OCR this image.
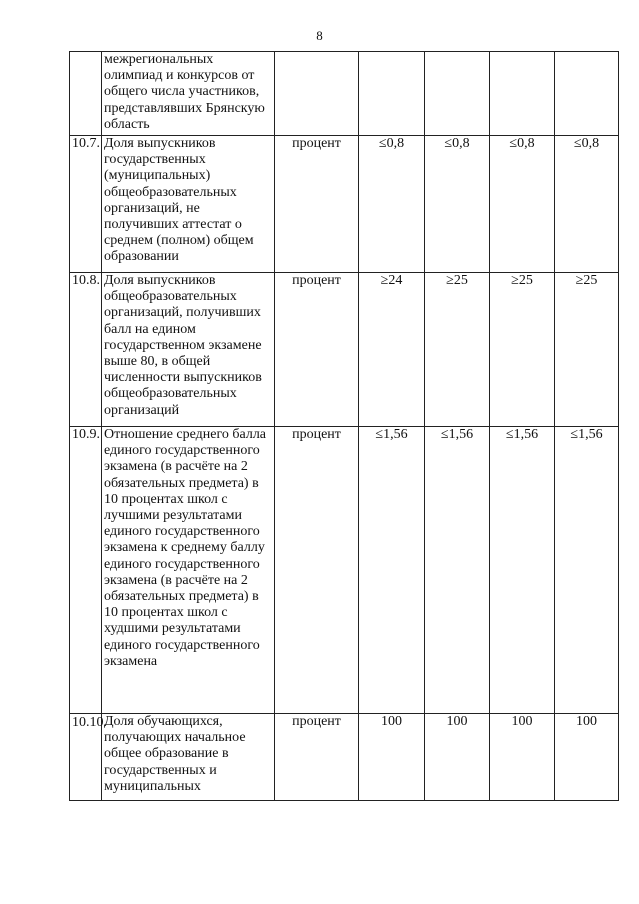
8
	межрегиональных олимпиад и конкурсов от общего числа участников, представлявших Брянскую область					
10.7.	Доля выпускников государственных (муниципальных) общеобразовательных организаций, не получивших аттестат о среднем (полном) общем образовании	процент	≤0,8	≤0,8	≤0,8	≤0,8
10.8.	Доля выпускников общеобразовательных организаций, получивших балл на едином государственном экзамене выше 80, в общей численности выпускников общеобразовательных организаций	процент	≥24	≥25	≥25	≥25
10.9.	Отношение среднего балла единого государственного экзамена (в расчёте на 2 обязательных предмета) в 10 процентах школ с лучшими результатами единого государственного экзамена к среднему баллу единого государственного экзамена (в расчёте на 2 обязательных предмета) в 10 процентах школ с худшими результатами единого государственного экзамена	процент	≤1,56	≤1,56	≤1,56	≤1,56
10.10.	Доля обучающихся, получающих начальное общее образование в государственных и муниципальных	процент	100	100	100	100
